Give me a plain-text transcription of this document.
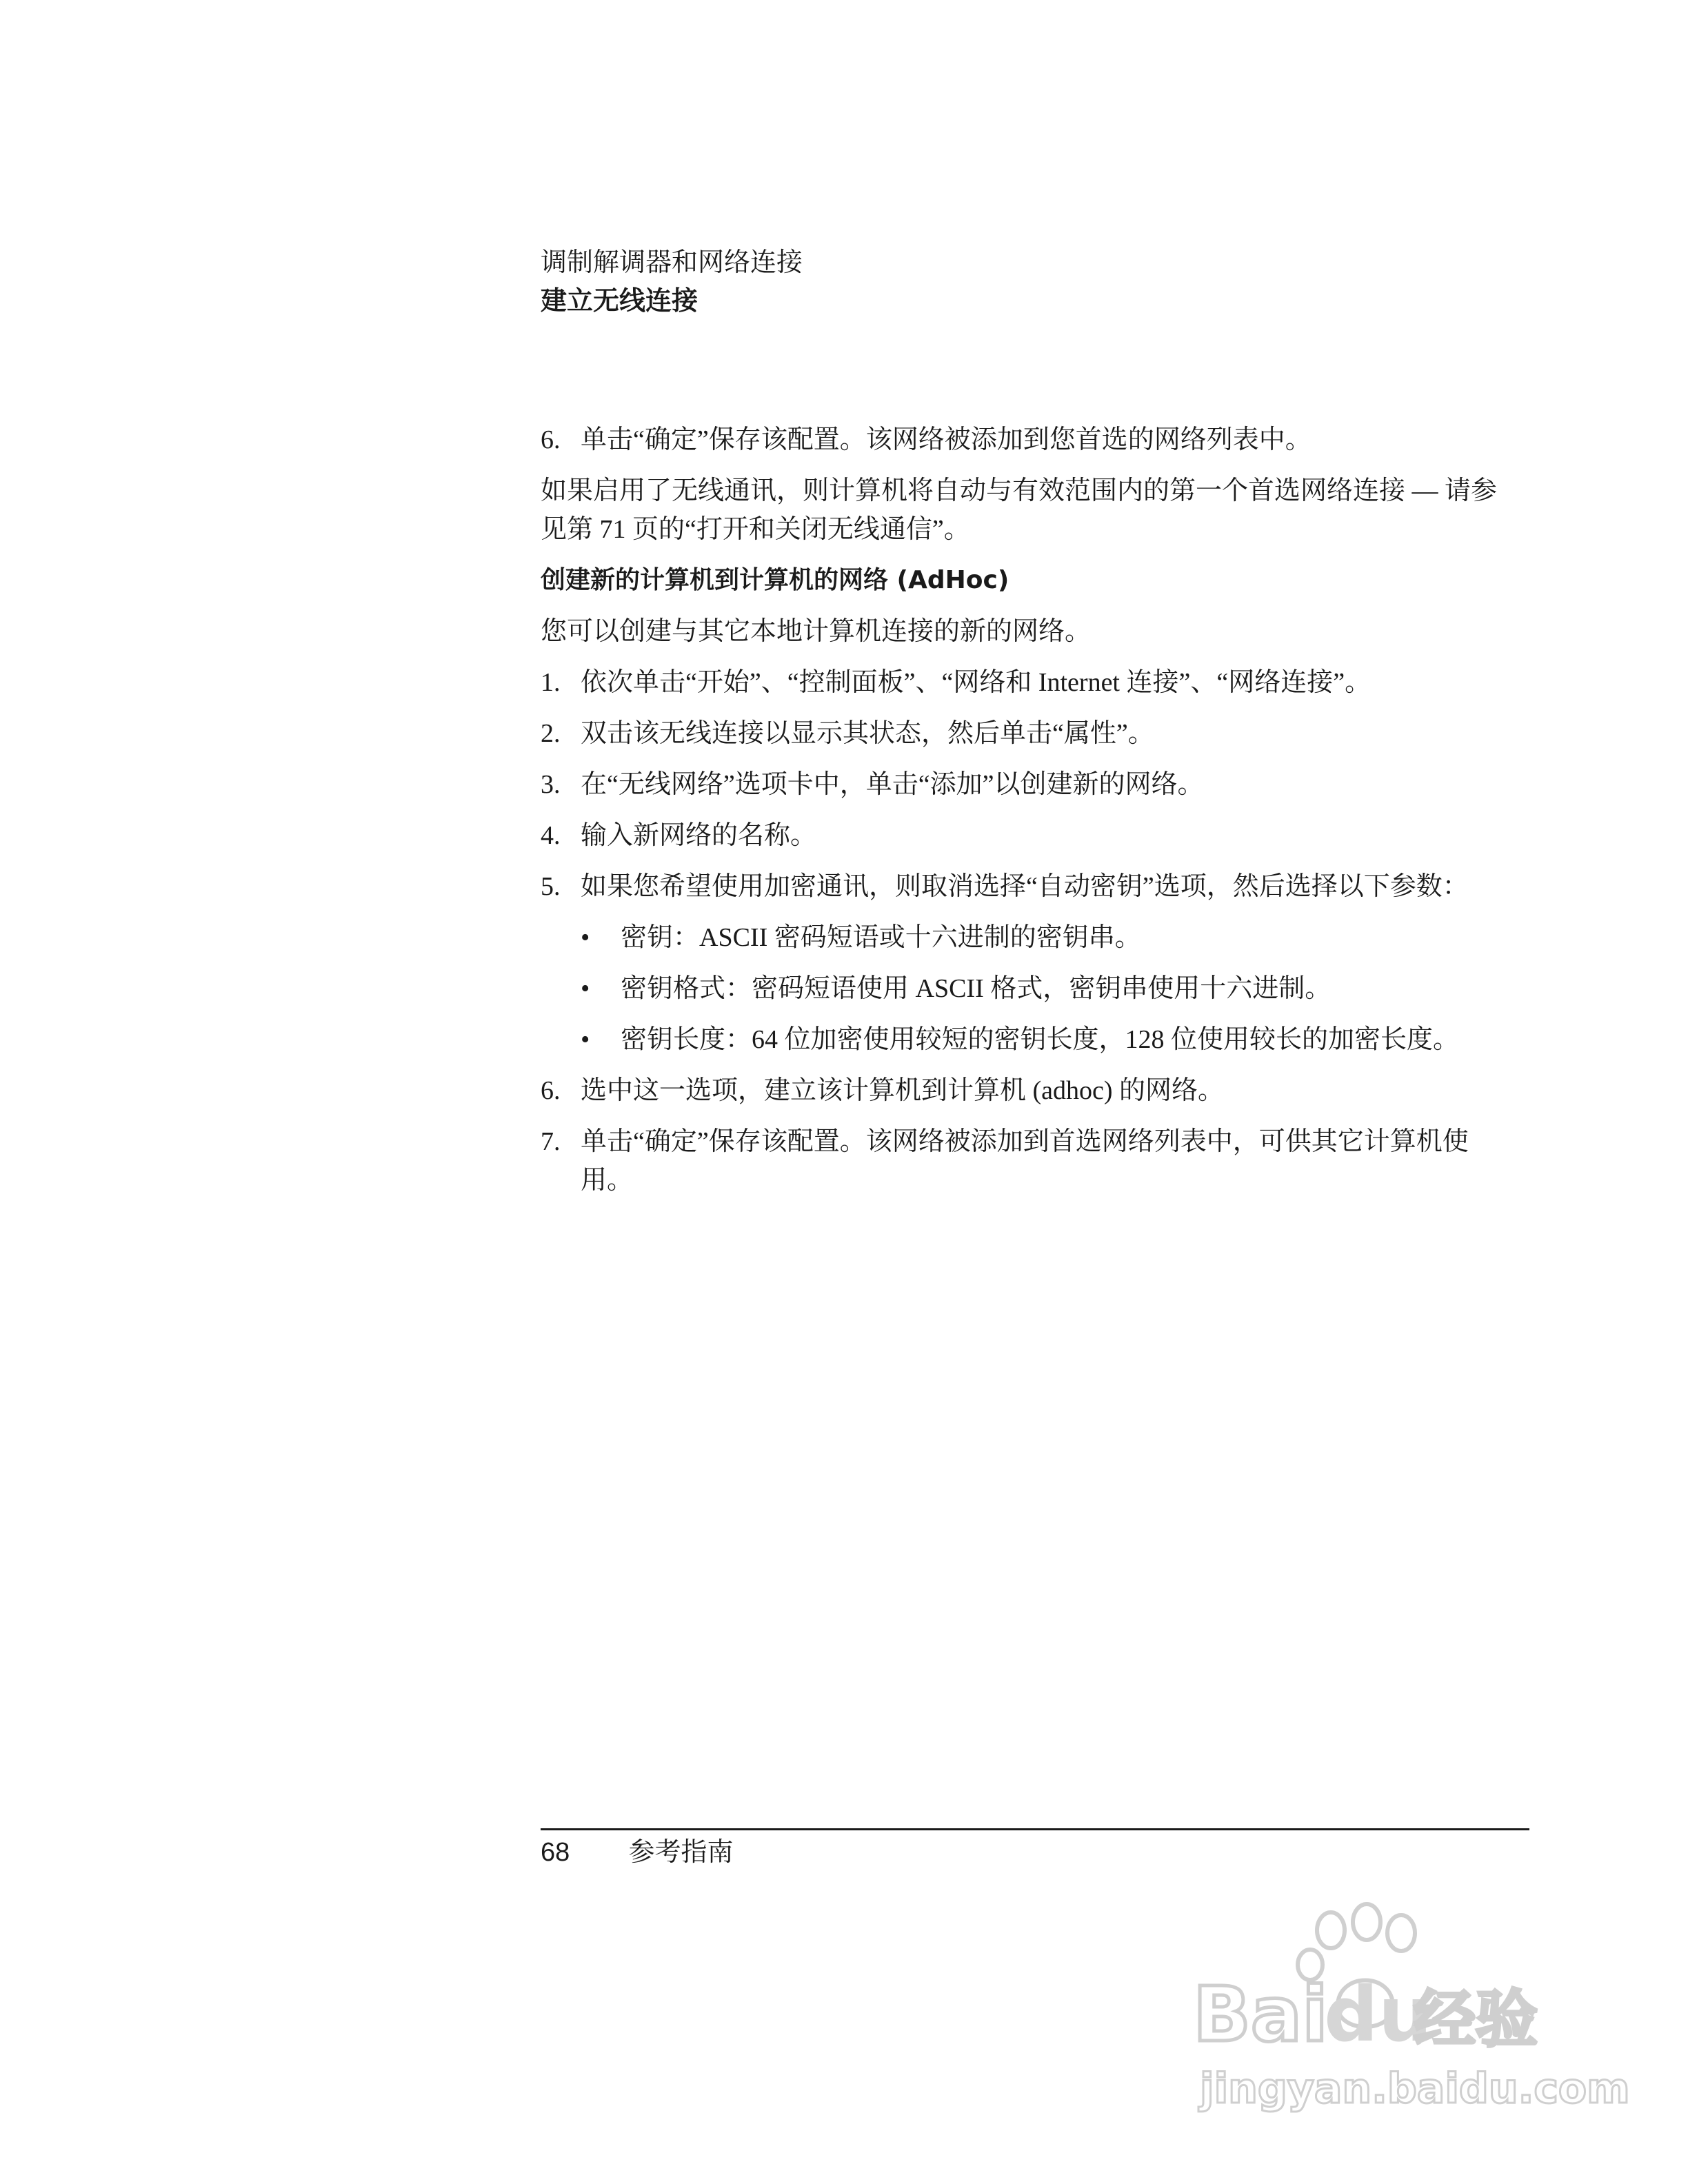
调制解调器和网络连接
建立无线连接
6. 单击“确定”保存该配置。该网络被添加到您首选的网络列表中。

如果启用了无线通讯，则计算机将自动与有效范围内的第一个首选网络连接 — 请参见第 71 页的“打开和关闭无线通信”。

创建新的计算机到计算机的网络 (AdHoc)

您可以创建与其它本地计算机连接的新的网络。

1. 依次单击“开始”、“控制面板”、“网络和 Internet 连接”、“网络连接”。
2. 双击该无线连接以显示其状态，然后单击“属性”。
3. 在“无线网络”选项卡中，单击“添加”以创建新的网络。
4. 输入新网络的名称。
5. 如果您希望使用加密通讯，则取消选择“自动密钥”选项，然后选择以下参数：
• 密钥：ASCII 密码短语或十六进制的密钥串。
• 密钥格式：密码短语使用 ASCII 格式，密钥串使用十六进制。
• 密钥长度：64 位加密使用较短的密钥长度，128 位使用较长的加密长度。
6. 选中这一选项，建立该计算机到计算机 (adhoc) 的网络。
7. 单击“确定”保存该配置。该网络被添加到首选网络列表中，可供其它计算机使用。
68 参考指南
Bai
du
经验
jingyan.baidu.com
